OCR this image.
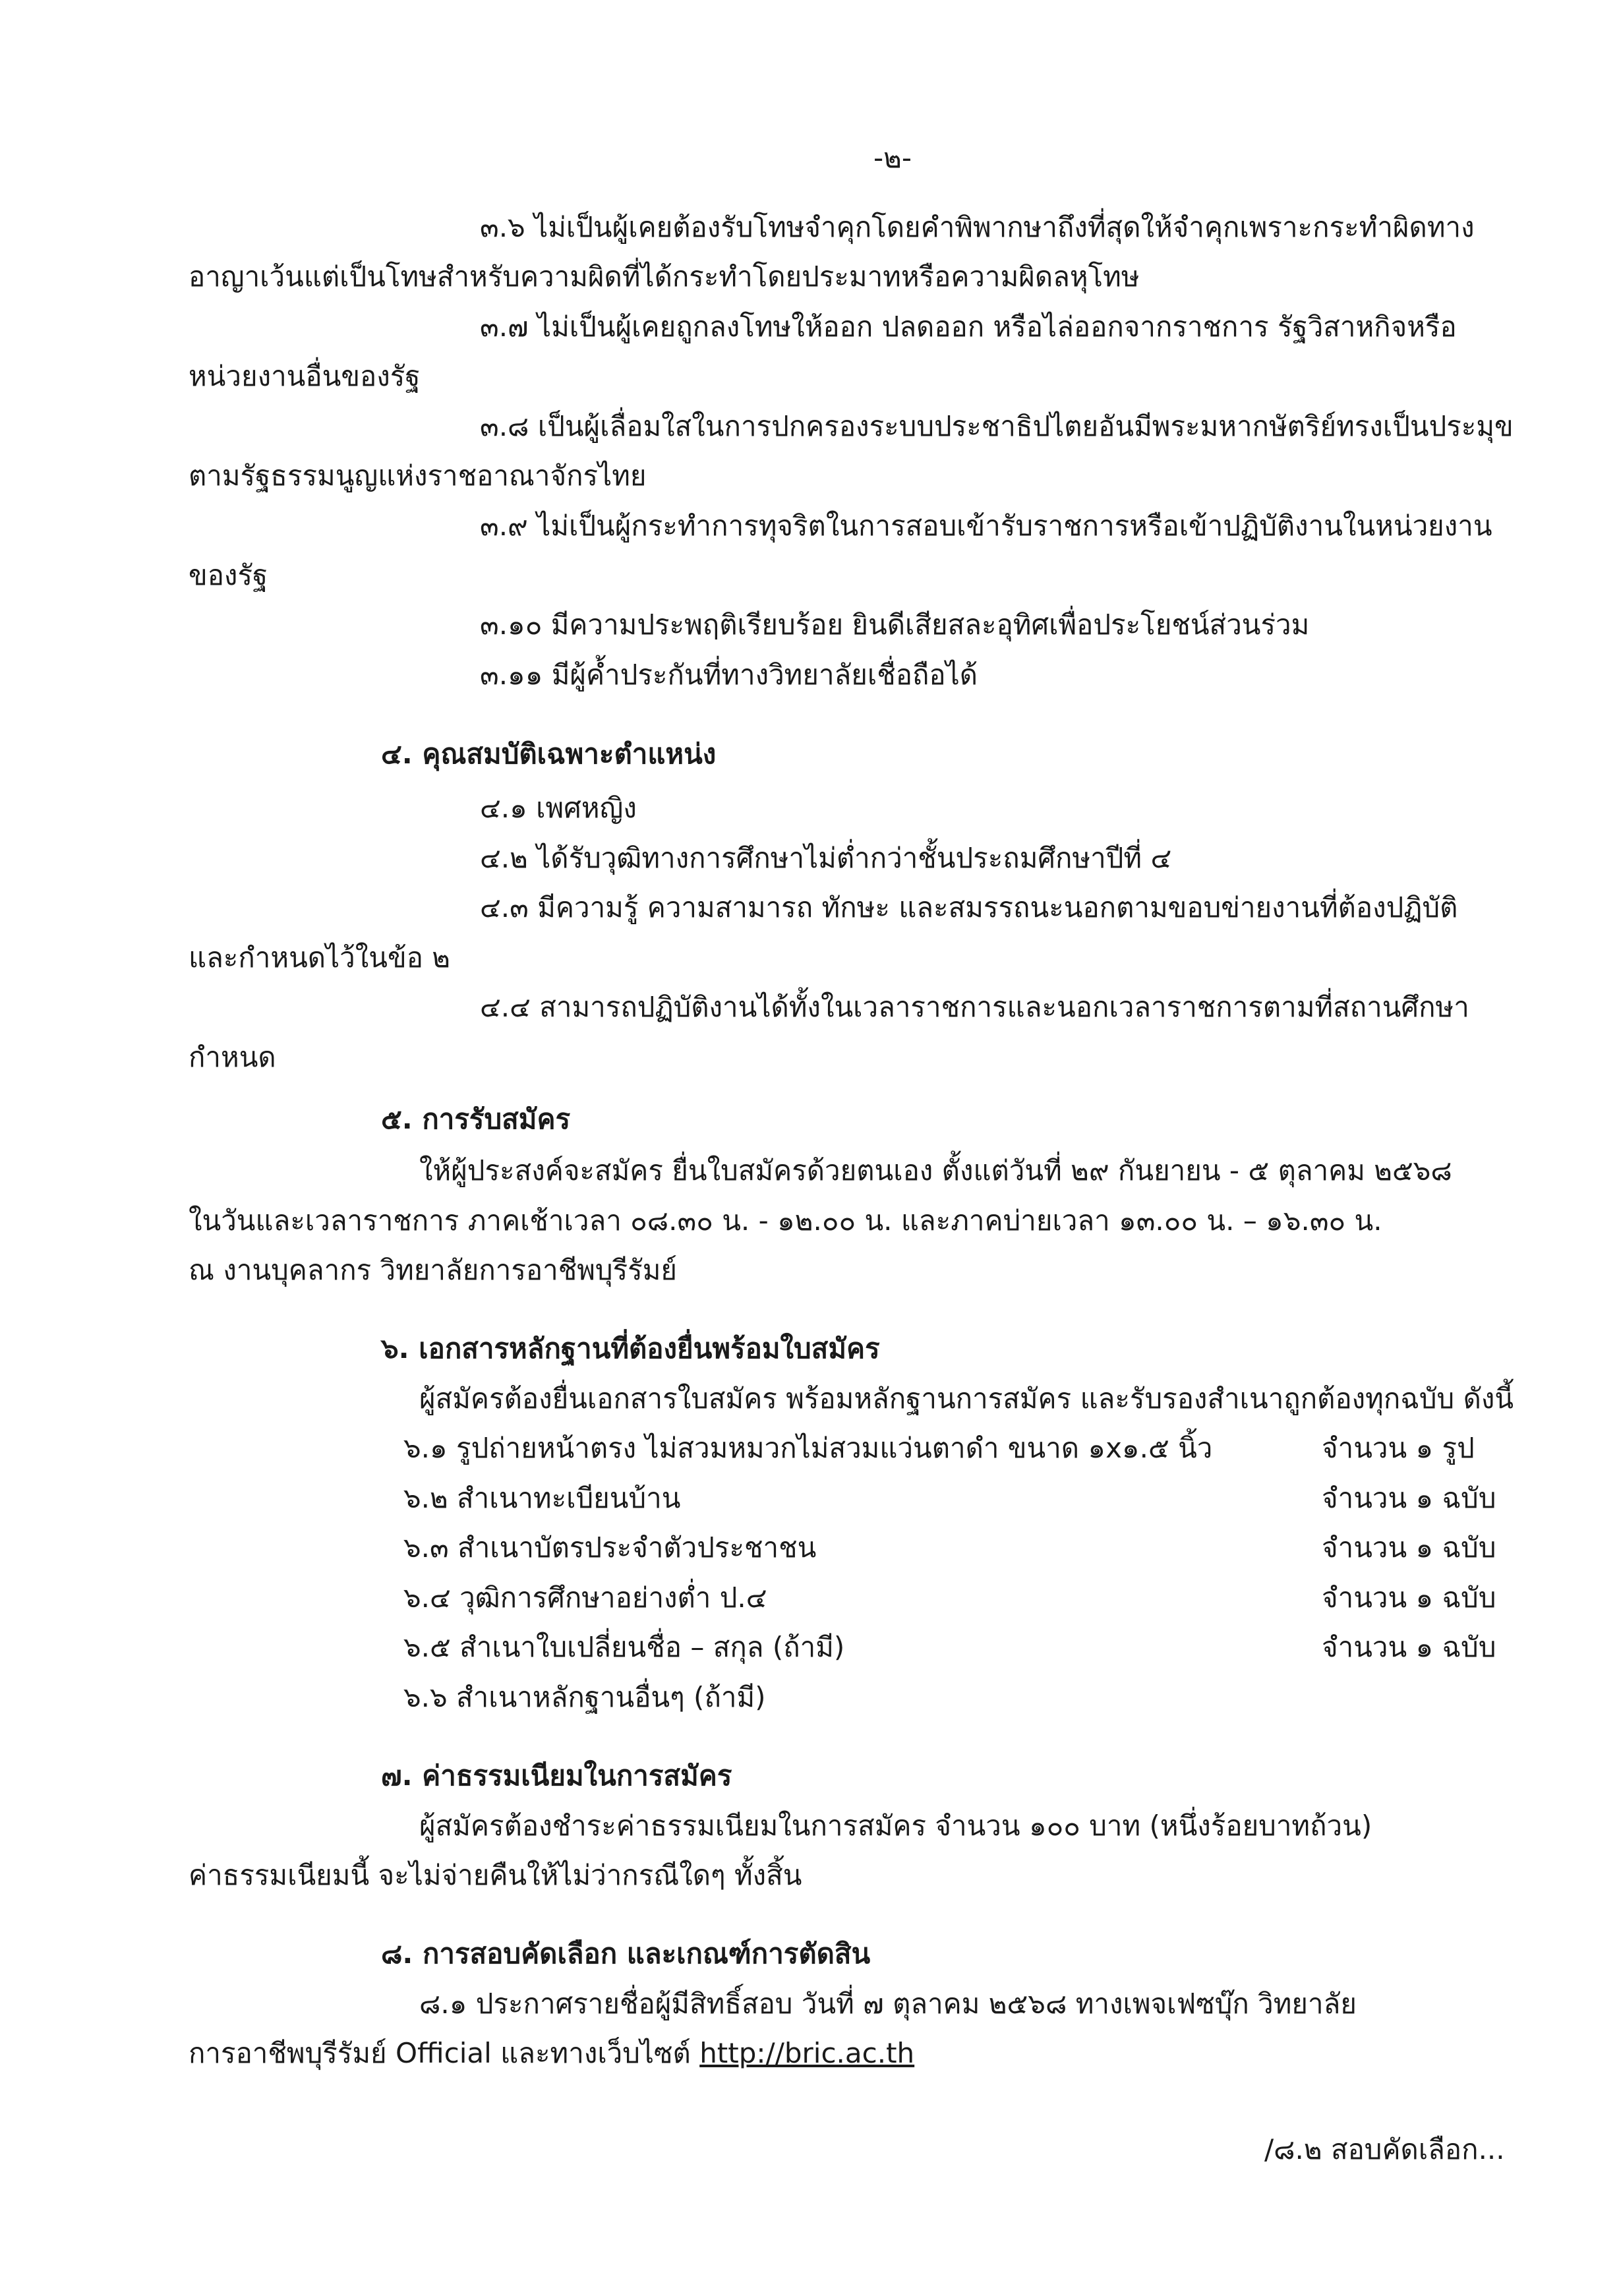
-๒-

๓.๖ ไม่เป็นผู้เคยต้องรับโทษจำคุกโดยคำพิพากษาถึงที่สุดให้จำคุกเพราะกระทำผิดทาง

อาญาเว้นแต่เป็นโทษสำหรับความผิดที่ได้กระทำโดยประมาทหรือความผิดลหุโทษ

๓.๗ ไม่เป็นผู้เคยถูกลงโทษให้ออก ปลดออก หรือไล่ออกจากราชการ รัฐวิสาหกิจหรือ

หน่วยงานอื่นของรัฐ

๓.๘ เป็นผู้เลื่อมใสในการปกครองระบบประชาธิปไตยอันมีพระมหากษัตริย์ทรงเป็นประมุข

ตามรัฐธรรมนูญแห่งราชอาณาจักรไทย

๓.๙ ไม่เป็นผู้กระทำการทุจริตในการสอบเข้ารับราชการหรือเข้าปฏิบัติงานในหน่วยงาน

ของรัฐ

๓.๑๐ มีความประพฤติเรียบร้อย ยินดีเสียสละอุทิศเพื่อประโยชน์ส่วนร่วม

๓.๑๑ มีผู้ค้ำประกันที่ทางวิทยาลัยเชื่อถือได้

๔. คุณสมบัติเฉพาะตำแหน่ง

๔.๑ เพศหญิง

๔.๒ ได้รับวุฒิทางการศึกษาไม่ต่ำกว่าชั้นประถมศึกษาปีที่ ๔

๔.๓ มีความรู้ ความสามารถ ทักษะ และสมรรถนะนอกตามขอบข่ายงานที่ต้องปฏิบัติ

และกำหนดไว้ในข้อ ๒

๔.๔ สามารถปฏิบัติงานได้ทั้งในเวลาราชการและนอกเวลาราชการตามที่สถานศึกษา

กำหนด

๕. การรับสมัคร

ให้ผู้ประสงค์จะสมัคร ยื่นใบสมัครด้วยตนเอง ตั้งแต่วันที่ ๒๙ กันยายน - ๕ ตุลาคม ๒๕๖๘

ในวันและเวลาราชการ ภาคเช้าเวลา ๐๘.๓๐ น. - ๑๒.๐๐ น. และภาคบ่ายเวลา ๑๓.๐๐ น. – ๑๖.๓๐ น.

ณ งานบุคลากร วิทยาลัยการอาชีพบุรีรัมย์

๖. เอกสารหลักฐานที่ต้องยื่นพร้อมใบสมัคร

ผู้สมัครต้องยื่นเอกสารใบสมัคร พร้อมหลักฐานการสมัคร และรับรองสำเนาถูกต้องทุกฉบับ ดังนี้

๖.๑ รูปถ่ายหน้าตรง ไม่สวมหมวกไม่สวมแว่นตาดำ ขนาด ๑x๑.๕ นิ้ว	จำนวน ๑ รูป
๖.๒ สำเนาทะเบียนบ้าน	จำนวน ๑ ฉบับ
๖.๓ สำเนาบัตรประจำตัวประชาชน	จำนวน ๑ ฉบับ
๖.๔ วุฒิการศึกษาอย่างต่ำ ป.๔	จำนวน ๑ ฉบับ
๖.๕ สำเนาใบเปลี่ยนชื่อ – สกุล (ถ้ามี)	จำนวน ๑ ฉบับ
๖.๖ สำเนาหลักฐานอื่นๆ (ถ้ามี)

๗. ค่าธรรมเนียมในการสมัคร

ผู้สมัครต้องชำระค่าธรรมเนียมในการสมัคร จำนวน ๑๐๐ บาท (หนึ่งร้อยบาทถ้วน)

ค่าธรรมเนียมนี้ จะไม่จ่ายคืนให้ไม่ว่ากรณีใดๆ ทั้งสิ้น

๘. การสอบคัดเลือก และเกณฑ์การตัดสิน

๘.๑ ประกาศรายชื่อผู้มีสิทธิ์สอบ วันที่ ๗ ตุลาคม ๒๕๖๘ ทางเพจเฟซบุ๊ก วิทยาลัย

การอาชีพบุรีรัมย์ Official และทางเว็บไซต์ http://bric.ac.th

/๘.๒ สอบคัดเลือก...
